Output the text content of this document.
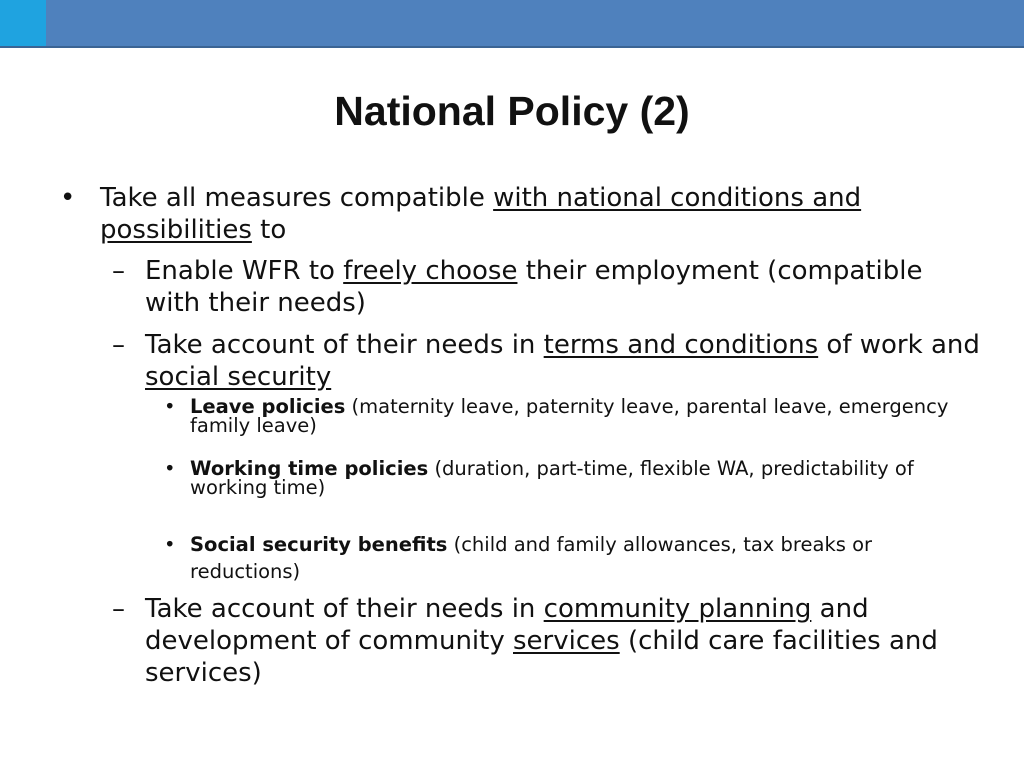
National Policy (2)
• Take all measures compatible with national conditions and possibilities to
– Enable WFR to freely choose their employment (compatible with their needs)
– Take account of their needs in terms and conditions of work and social security
• Leave policies (maternity leave, paternity leave, parental leave, emergency family leave)
• Working time policies (duration, part-time, flexible WA, predictability of working time)
• Social security benefits (child and family allowances, tax breaks or reductions)
– Take account of their needs in community planning and development of community services (child care facilities and services)
